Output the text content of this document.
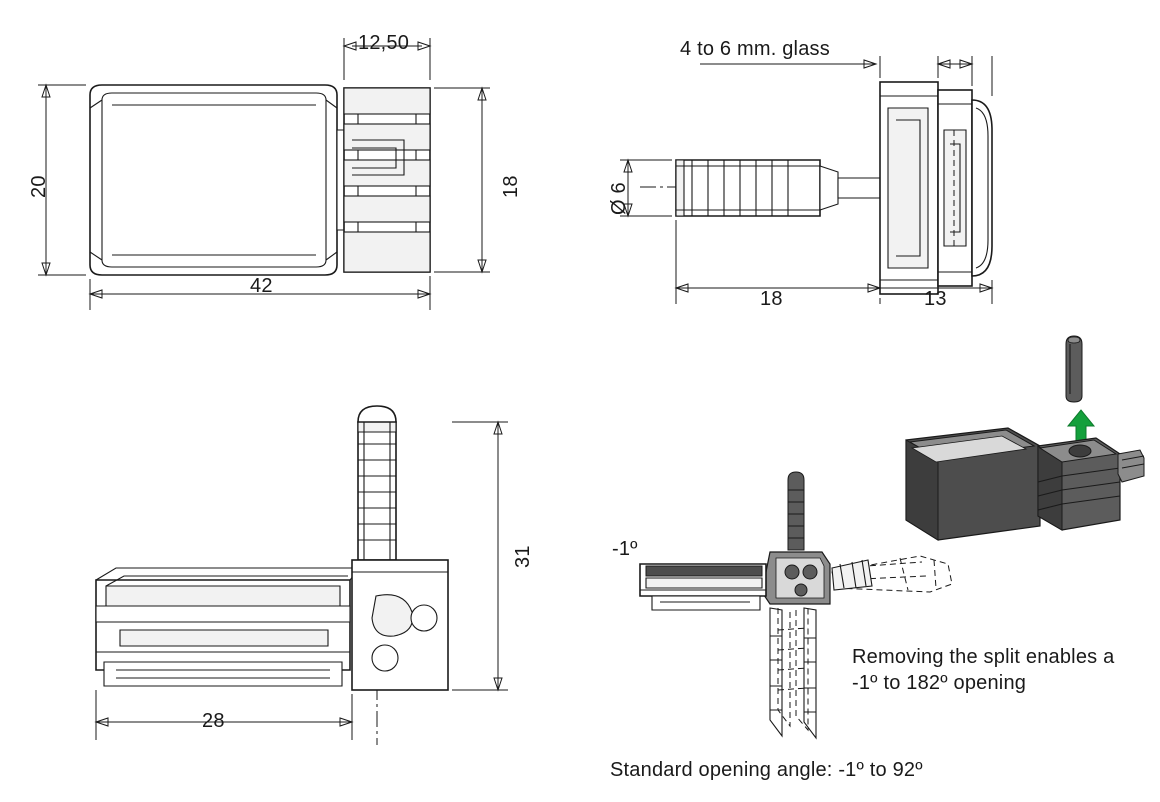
12,50
18
20
42
4 to 6 mm. glass
Ø 6
18	13
31
28
-1º
Removing the split enables a
-1º to 182º opening
Standard opening angle: -1º to 92º
